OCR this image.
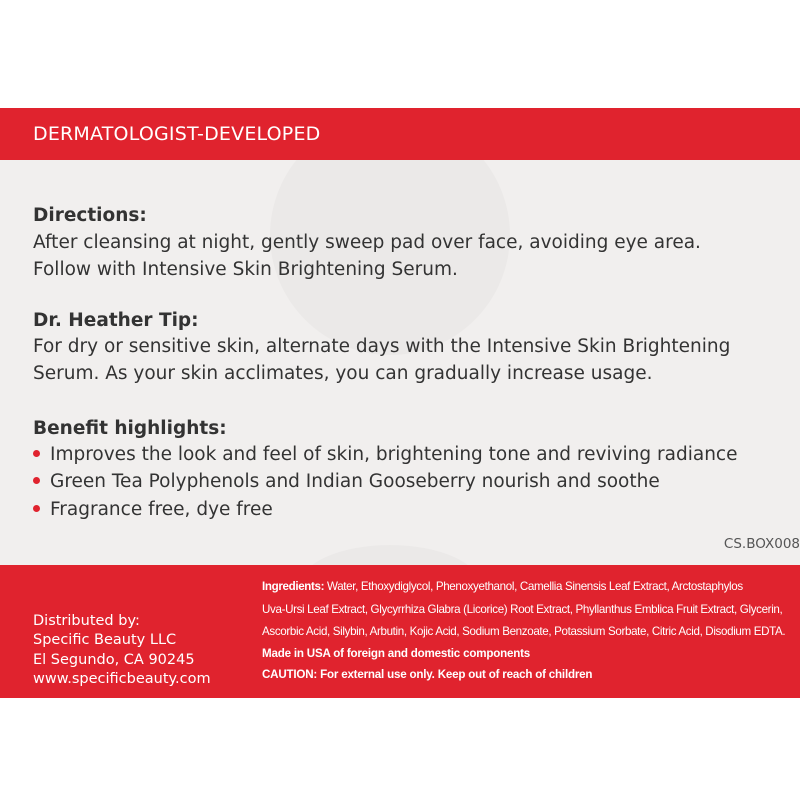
DERMATOLOGIST-DEVELOPED
Directions:
After cleansing at night, gently sweep pad over face, avoiding eye area.
Follow with Intensive Skin Brightening Serum.
Dr. Heather Tip:
For dry or sensitive skin, alternate days with the Intensive Skin Brightening
Serum. As your skin acclimates, you can gradually increase usage.
Benefit highlights:
Improves the look and feel of skin, brightening tone and reviving radiance
Green Tea Polyphenols and Indian Gooseberry nourish and soothe
Fragrance free, dye free
CS.BOX008
Distributed by:
Specific Beauty LLC
El Segundo, CA 90245
www.specificbeauty.com
Ingredients: Water, Ethoxydiglycol, Phenoxyethanol, Camellia Sinensis Leaf Extract, Arctostaphylos
Uva-Ursi Leaf Extract, Glycyrrhiza Glabra (Licorice) Root Extract, Phyllanthus Emblica Fruit Extract, Glycerin,
Ascorbic Acid, Silybin, Arbutin, Kojic Acid, Sodium Benzoate, Potassium Sorbate, Citric Acid, Disodium EDTA.
Made in USA of foreign and domestic components
CAUTION: For external use only. Keep out of reach of children
